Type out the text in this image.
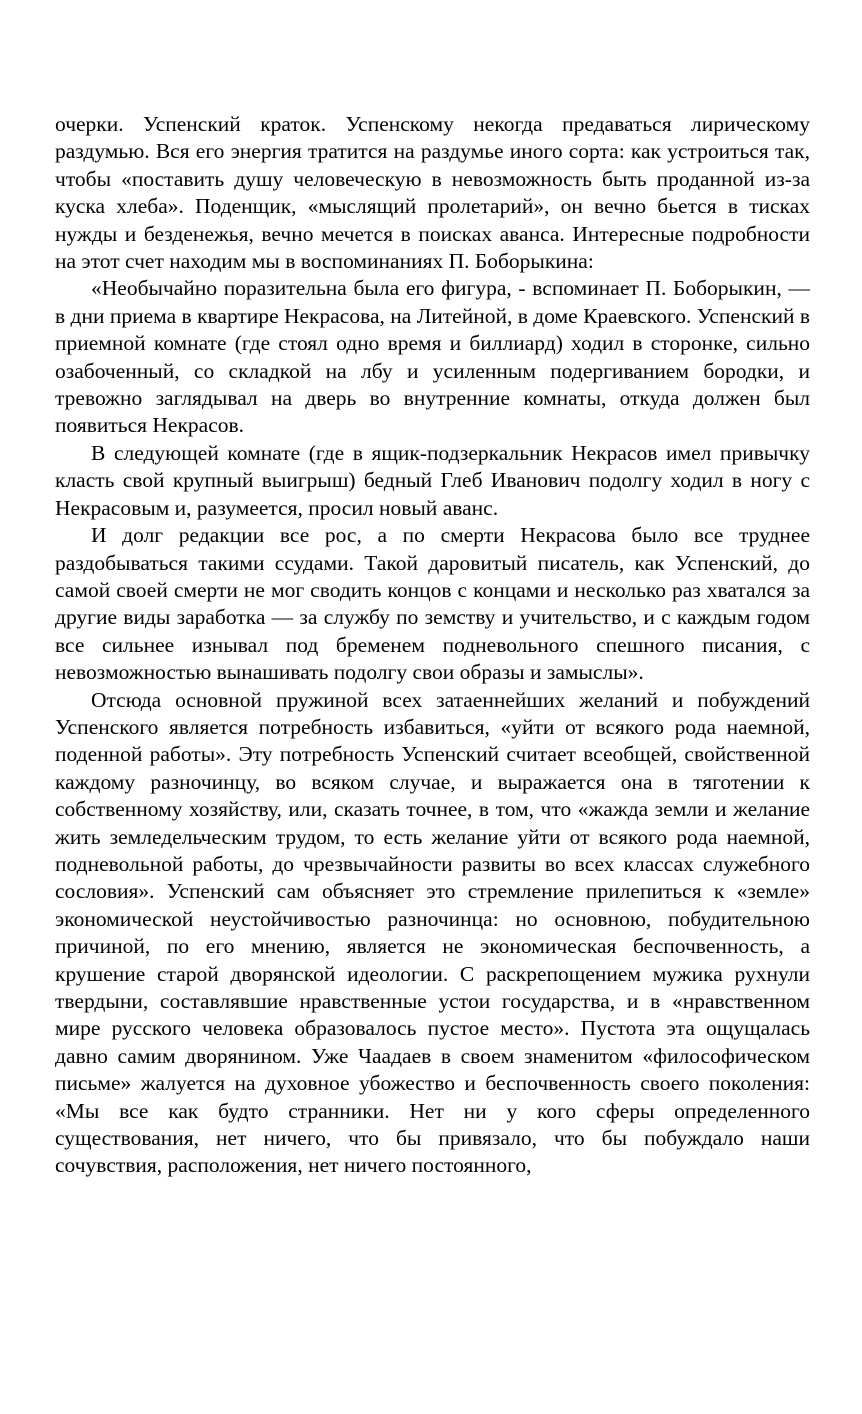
очерки. Успенский краток. Успенскому некогда предаваться лирическому раздумью. Вся его энергия тратится на раздумье иного сорта: как устроиться так, чтобы «поставить душу человеческую в невозможность быть проданной из-за куска хлеба». Поденщик, «мыслящий пролетарий», он вечно бьется в тисках нужды и безденежья, вечно мечется в поисках аванса. Интересные подробности на этот счет находим мы в воспоминаниях П. Боборыкина:

«Необычайно поразительна была его фигура, - вспоминает П. Боборыкин, — в дни приема в квартире Некрасова, на Литейной, в доме Краевского. Успенский в приемной комнате (где стоял одно время и биллиард) ходил в сторонке, сильно озабоченный, со складкой на лбу и усиленным подергиванием бородки, и тревожно заглядывал на дверь во внутренние комнаты, откуда должен был появиться Некрасов.

В следующей комнате (где в ящик-подзеркальник Некрасов имел привычку класть свой крупный выигрыш) бедный Глеб Иванович подолгу ходил в ногу с Некрасовым и, разумеется, просил новый аванс.

И долг редакции все рос, а по смерти Некрасова было все труднее раздобываться такими ссудами. Такой даровитый писатель, как Успенский, до самой своей смерти не мог сводить концов с концами и несколько раз хватался за другие виды заработка — за службу по земству и учительство, и с каждым годом все сильнее изнывал под бременем подневольного спешного писания, с невозможностью вынашивать подолгу свои образы и замыслы».

Отсюда основной пружиной всех затаеннейших желаний и побуждений Успенского является потребность избавиться, «уйти от всякого рода наемной, поденной работы». Эту потребность Успенский считает всеобщей, свойственной каждому разночинцу, во всяком случае, и выражается она в тяготении к собственному хозяйству, или, сказать точнее, в том, что «жажда земли и желание жить земледельческим трудом, то есть желание уйти от всякого рода наемной, подневольной работы, до чрезвычайности развиты во всех классах служебного сословия». Успенский сам объясняет это стремление прилепиться к «земле» экономической неустойчивостью разночинца: но основною, побудительною причиной, по его мнению, является не экономическая беспочвенность, а крушение старой дворянской идеологии. С раскрепощением мужика рухнули твердыни, составлявшие нравственные устои государства, и в «нравственном мире русского человека образовалось пустое место». Пустота эта ощущалась давно самим дворянином. Уже Чаадаев в своем знаменитом «философическом письме» жалуется на духовное убожество и беспочвенность своего поколения: «Мы все как будто странники. Нет ни у кого сферы определенного существования, нет ничего, что бы привязало, что бы побуждало наши сочувствия, расположения, нет ничего постоянного,
